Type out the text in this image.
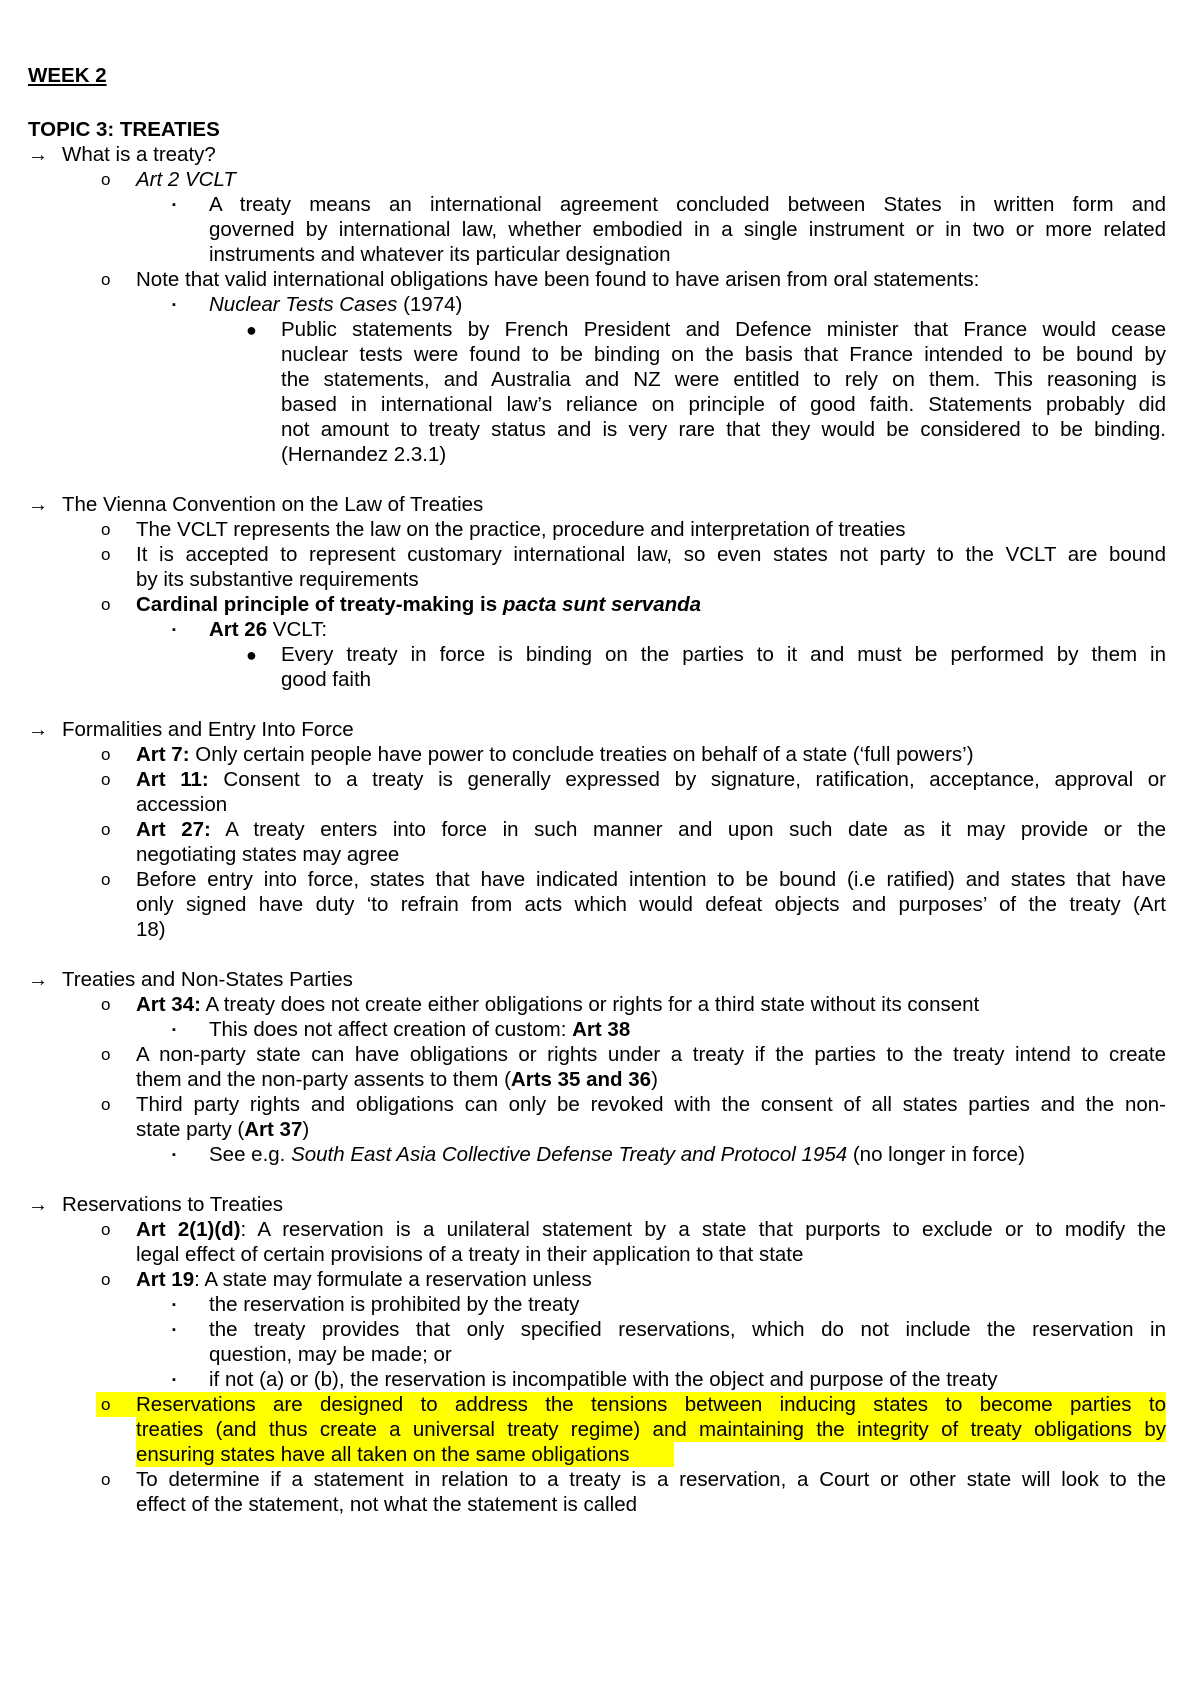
WEEK 2
TOPIC 3: TREATIES
→ What is a treaty?
o Art 2 VCLT
▪ A treaty means an international agreement concluded between States in written form and
governed by international law, whether embodied in a single instrument or in two or more related
instruments and whatever its particular designation
o Note that valid international obligations have been found to have arisen from oral statements:
▪ Nuclear Tests Cases (1974)
● Public statements by French President and Defence minister that France would cease
nuclear tests were found to be binding on the basis that France intended to be bound by
the statements, and Australia and NZ were entitled to rely on them. This reasoning is
based in international law’s reliance on principle of good faith. Statements probably did
not amount to treaty status and is very rare that they would be considered to be binding.
(Hernandez 2.3.1)
→ The Vienna Convention on the Law of Treaties
o The VCLT represents the law on the practice, procedure and interpretation of treaties
o It is accepted to represent customary international law, so even states not party to the VCLT are bound
by its substantive requirements
o Cardinal principle of treaty-making is pacta sunt servanda
▪ Art 26 VCLT:
● Every treaty in force is binding on the parties to it and must be performed by them in
good faith
→ Formalities and Entry Into Force
o Art 7: Only certain people have power to conclude treaties on behalf of a state (‘full powers’)
o Art 11: Consent to a treaty is generally expressed by signature, ratification, acceptance, approval or
accession
o Art 27: A treaty enters into force in such manner and upon such date as it may provide or the
negotiating states may agree
o Before entry into force, states that have indicated intention to be bound (i.e ratified) and states that have
only signed have duty ‘to refrain from acts which would defeat objects and purposes’ of the treaty (Art
18)
→ Treaties and Non-States Parties
o Art 34: A treaty does not create either obligations or rights for a third state without its consent
▪ This does not affect creation of custom: Art 38
o A non-party state can have obligations or rights under a treaty if the parties to the treaty intend to create
them and the non-party assents to them (Arts 35 and 36)
o Third party rights and obligations can only be revoked with the consent of all states parties and the non-
state party (Art 37)
▪ See e.g. South East Asia Collective Defense Treaty and Protocol 1954 (no longer in force)
→ Reservations to Treaties
o Art 2(1)(d): A reservation is a unilateral statement by a state that purports to exclude or to modify the
legal effect of certain provisions of a treaty in their application to that state
o Art 19: A state may formulate a reservation unless
▪ the reservation is prohibited by the treaty
▪ the treaty provides that only specified reservations, which do not include the reservation in
question, may be made; or
▪ if not (a) or (b), the reservation is incompatible with the object and purpose of the treaty
o Reservations are designed to address the tensions between inducing states to become parties to
treaties (and thus create a universal treaty regime) and maintaining the integrity of treaty obligations by
ensuring states have all taken on the same obligations
o To determine if a statement in relation to a treaty is a reservation, a Court or other state will look to the
effect of the statement, not what the statement is called
